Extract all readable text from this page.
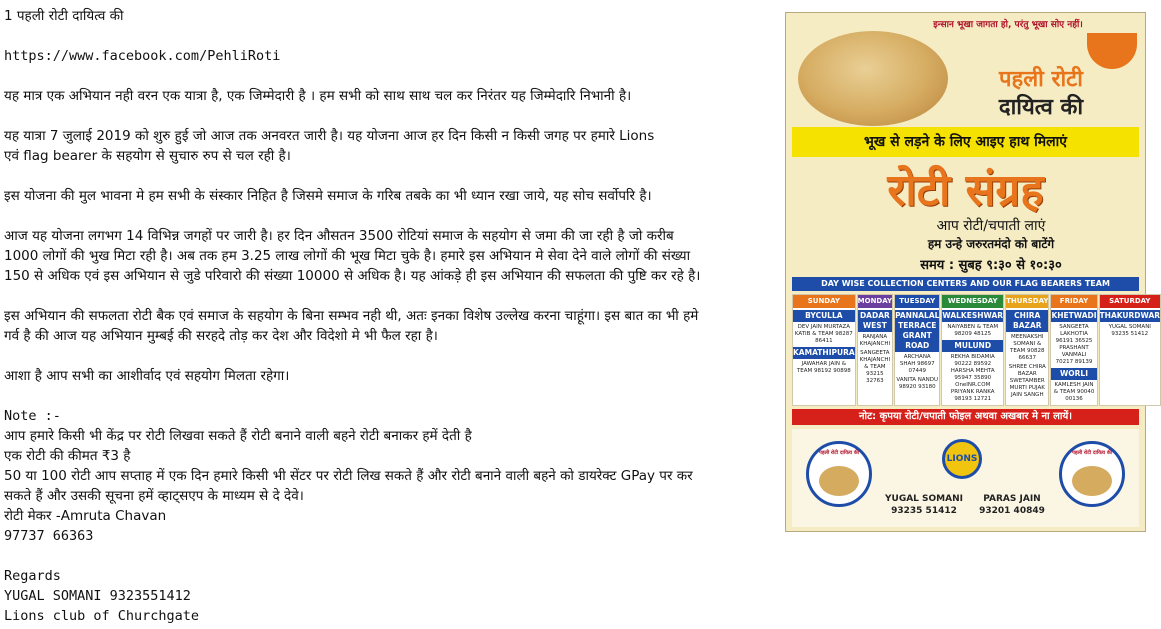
1 पहली रोटी दायित्व की
https://www.facebook.com/PehliRoti
यह मात्र एक अभियान नही वरन एक यात्रा है, एक जिम्मेदारी है । हम सभी को साथ साथ चल कर निरंतर यह जिम्मेदारि निभानी है।
यह यात्रा 7 जुलाई 2019 को शुरु हुई जो आज तक अनवरत जारी है। यह योजना आज हर दिन किसी न किसी जगह पर हमारे Lions
एवं flag bearer के सहयोग से सुचारु रुप से चल रही है।
इस योजना की मुल भावना मे हम सभी के संस्कार निहित है जिसमे समाज के गरिब तबके का भी ध्यान रखा जाये, यह सोच सर्वोपरि है।
आज यह योजना लगभग 14 विभिन्न जगहों पर जारी है। हर दिन औसतन 3500 रोटियां समाज के सहयोग से जमा की जा रही है जो करीब
1000 लोगों की भुख मिटा रही है। अब तक हम 3.25 लाख लोगों की भूख मिटा चुके है। हमारे इस अभियान मे सेवा देने वाले लोगों की संख्या
150 से अधिक एवं इस अभियान से जुडे परिवारो की संख्या 10000 से अधिक है। यह आंकड़े ही इस अभियान की सफलता की पुष्टि कर रहे है।
इस अभियान की सफलता रोटी बैक एवं समाज के सहयोग के बिना सम्भव नही थी, अतः इनका विशेष उल्लेख करना चाहूंगा। इस बात का भी हमे
गर्व है की आज यह अभियान मुम्बई की सरहदे तोड़ कर देश और विदेशो मे भी फैल रहा है।
आशा है आप सभी का आशीर्वाद एवं सहयोग मिलता रहेगा।
Note :-
आप हमारे किसी भी केंद्र पर रोटी लिखवा सकते हैं रोटी बनाने वाली बहने रोटी बनाकर हमें देती है
एक रोटी की कीमत ₹3 है
50 या 100 रोटी आप सप्ताह में एक दिन हमारे किसी भी सेंटर पर रोटी लिख सकते हैं और रोटी बनाने वाली बहने को डायरेक्ट GPay पर कर
सकते हैं और उसकी सूचना हमें व्हाट्सएप के माध्यम से दे देवे।
रोटी मेकर -Amruta Chavan
97737 66363
Regards
YUGAL SOMANI 9323551412
Lions club of Churchgate
इन्सान भूखा जागता हो, परंतु भूखा सोए नहीं।
पहली रोटी
दायित्व की
भूख से लड़ने के लिए आइए हाथ मिलाएं
रोटी संग्रह
आप रोटी/चपाती लाएं
हम उन्हे जरुरतमंदो को बाटेंगे
समय : सुबह ९:३० से १०:३०
DAY WISE COLLECTION CENTERS AND OUR FLAG BEARERS TEAM
SUNDAY
BYCULLA
DEV JAIN MURTAZA KATIB & TEAM 98287 86411
KAMATHIPURA
JAWAHAR JAIN & TEAM 98192 90898
MONDAY
DADAR WEST
RANJANA KHAJANCHI
SANGEETA KHAJANCHI & TEAM 93215 32763
TUESDAY
PANNALAL TERRACE GRANT ROAD
ARCHANA SHAH 98697 07449
VANITA NANDU 98920 93180
WEDNESDAY
WALKESHWAR
NAIYABEN & TEAM 98209 48125
MULUND
REKHA BIDAMIA 90222 89592 HARSHA MEHTA 95947 35890 OneINR.COM PRIYANK RANKA 98193 12721
THURSDAY
CHIRA BAZAR
MEENAKSHI SOMANI & TEAM 90828 66637
SHREE CHIRA BAZAR SWETAMBER MURTI PUJAK JAIN SANGH
FRIDAY
KHETWADI
SANGEETA LAKHOTIA 96191 36525 PRASHANT VANMALI 70217 89139
WORLI
KAMLESH JAIN & TEAM 90040 00136
SATURDAY
THAKURDWAR
YUGAL SOMANI 93235 51412
नोट: कृपया रोटी/चपाती फोइल अथवा अखबार मे ना लायें।
पहली रोटी दायित्व की
LIONS
पहली रोटी दायित्व की
YUGAL SOMANI
93235 51412
PARAS JAIN
93201 40849
